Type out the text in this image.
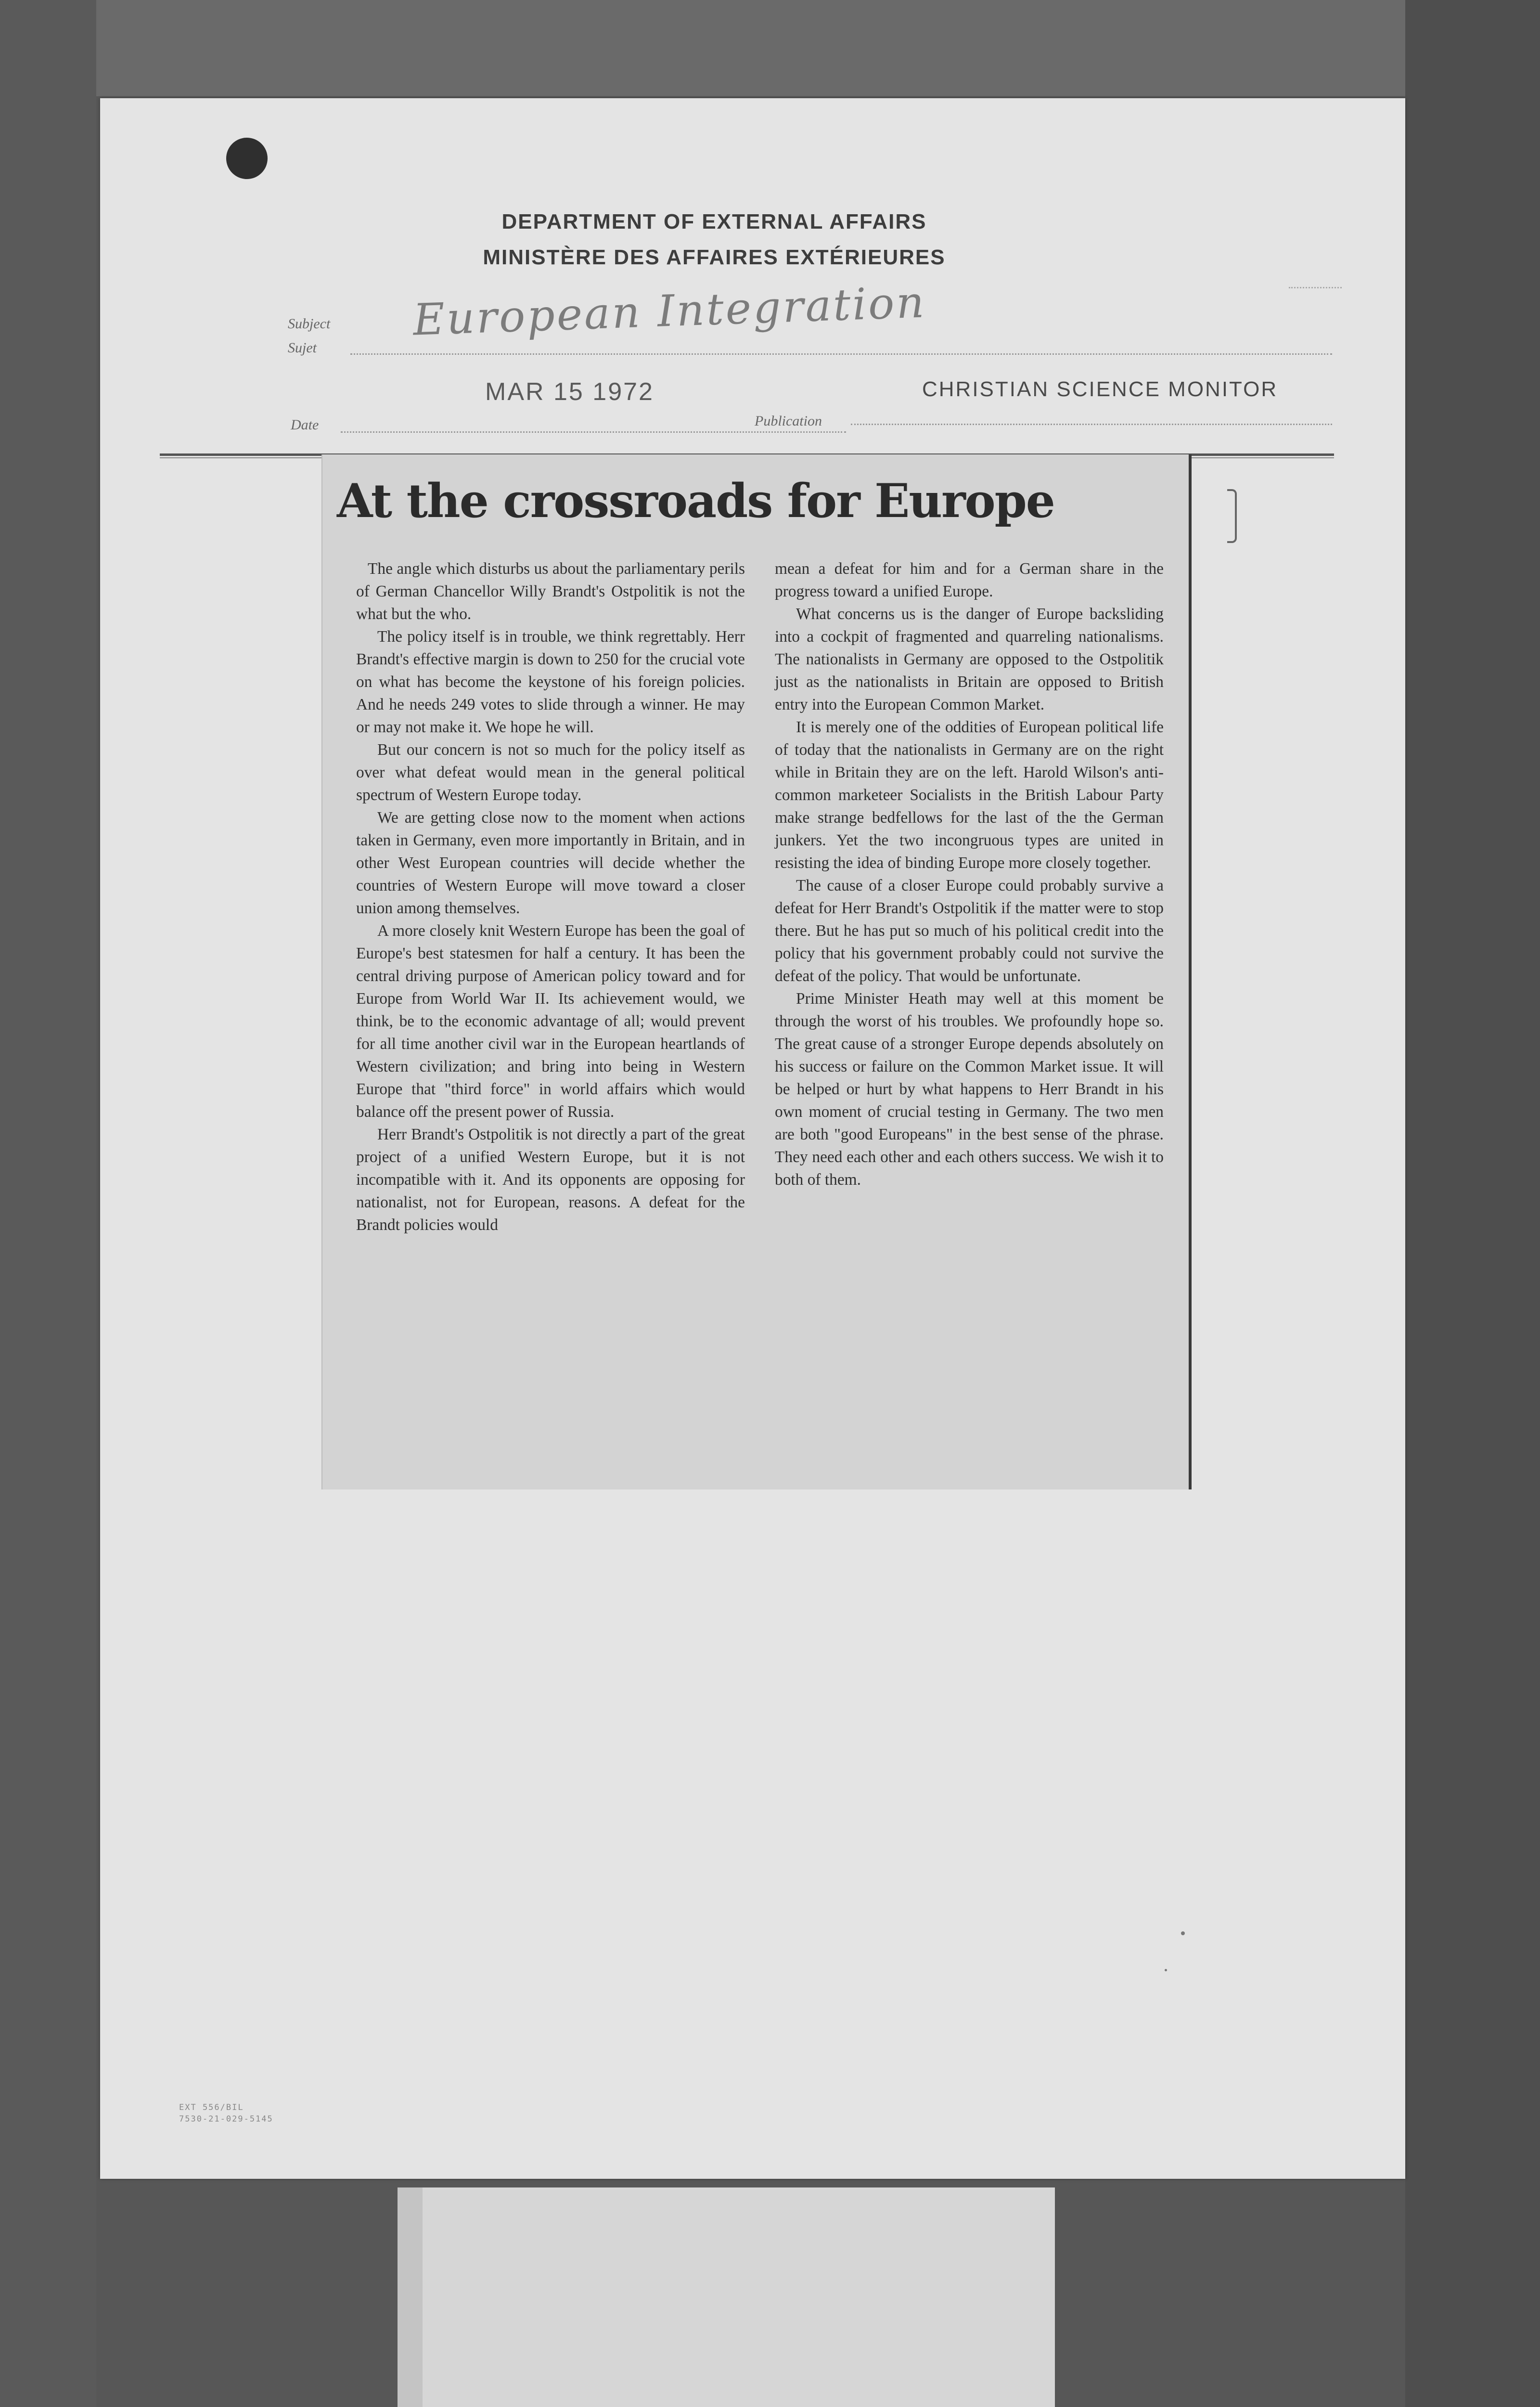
DEPARTMENT OF EXTERNAL AFFAIRS
MINISTÈRE DES AFFAIRES EXTÉRIEURES
Subject
Sujet
European Integration
MAR 15 1972	CHRISTIAN SCIENCE MONITOR
Date	Publication
At the crossroads for Europe

The angle which disturbs us about the parliamentary perils of German Chancellor Willy Brandt's Ostpolitik is not the what but the who.

The policy itself is in trouble, we think regrettably. Herr Brandt's effective margin is down to 250 for the crucial vote on what has become the keystone of his foreign policies. And he needs 249 votes to slide through a winner. He may or may not make it. We hope he will.

But our concern is not so much for the policy itself as over what defeat would mean in the general political spectrum of Western Europe today.

We are getting close now to the moment when actions taken in Germany, even more importantly in Britain, and in other West European countries will decide whether the countries of Western Europe will move toward a closer union among themselves.

A more closely knit Western Europe has been the goal of Europe's best statesmen for half a century. It has been the central driving purpose of American policy toward and for Europe from World War II. Its achievement would, we think, be to the economic advantage of all; would prevent for all time another civil war in the European heartlands of Western civilization; and bring into being in Western Europe that "third force" in world affairs which would balance off the present power of Russia.

Herr Brandt's Ostpolitik is not directly a part of the great project of a unified Western Europe, but it is not incompatible with it. And its opponents are opposing for nationalist, not for European, reasons. A defeat for the Brandt policies would

mean a defeat for him and for a German share in the progress toward a unified Europe.

What concerns us is the danger of Europe backsliding into a cockpit of fragmented and quarreling nationalisms. The nationalists in Germany are opposed to the Ostpolitik just as the nationalists in Britain are opposed to British entry into the European Common Market.

It is merely one of the oddities of European political life of today that the nationalists in Germany are on the right while in Britain they are on the left. Harold Wilson's anti-common marketeer Socialists in the British Labour Party make strange bedfellows for the last of the the German junkers. Yet the two incongruous types are united in resisting the idea of binding Europe more closely together.

The cause of a closer Europe could probably survive a defeat for Herr Brandt's Ostpolitik if the matter were to stop there. But he has put so much of his political credit into the policy that his government probably could not survive the defeat of the policy. That would be unfortunate.

Prime Minister Heath may well at this moment be through the worst of his troubles. We profoundly hope so. The great cause of a stronger Europe depends absolutely on his success or failure on the Common Market issue. It will be helped or hurt by what happens to Herr Brandt in his own moment of crucial testing in Germany. The two men are both "good Europeans" in the best sense of the phrase. They need each other and each others success. We wish it to both of them.

EXT 556/BIL
7530-21-029-5145
